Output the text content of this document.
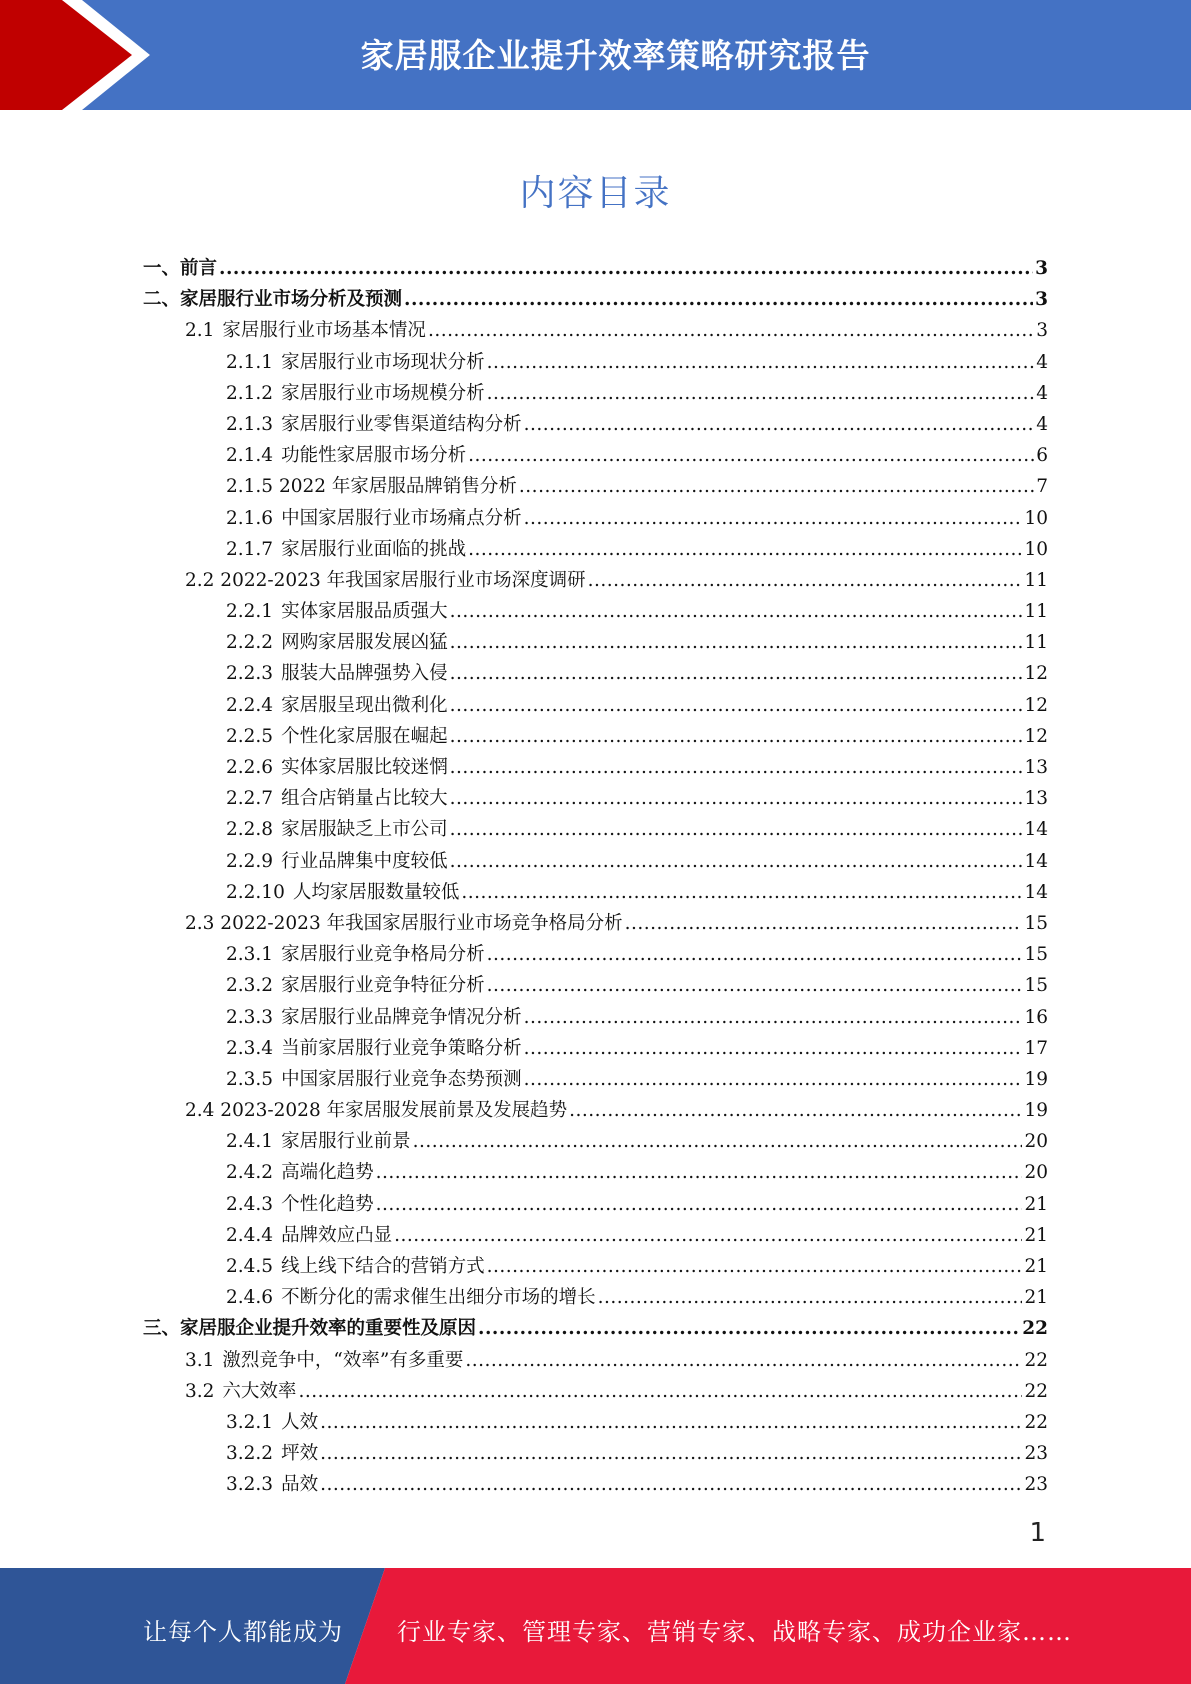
家居服企业提升效率策略研究报告
内容目录
一、前言 .....	3
二、家居服行业市场分析及预测 .....	3
2.1 家居服行业市场基本情况 .....	3
2.1.1 家居服行业市场现状分析 .....	4
2.1.2 家居服行业市场规模分析 .....	4
2.1.3 家居服行业零售渠道结构分析 .....	4
2.1.4 功能性家居服市场分析 .....	6
2.1.5 2022 年家居服品牌销售分析 .....	7
2.1.6 中国家居服行业市场痛点分析 .....	10
2.1.7 家居服行业面临的挑战 .....	10
2.2 2022-2023 年我国家居服行业市场深度调研 .....	11
2.2.1 实体家居服品质强大 .....	11
2.2.2 网购家居服发展凶猛 .....	11
2.2.3 服装大品牌强势入侵 .....	12
2.2.4 家居服呈现出微利化 .....	12
2.2.5 个性化家居服在崛起 .....	12
2.2.6 实体家居服比较迷惘 .....	13
2.2.7 组合店销量占比较大 .....	13
2.2.8 家居服缺乏上市公司 .....	14
2.2.9 行业品牌集中度较低 .....	14
2.2.10 人均家居服数量较低 .....	14
2.3 2022-2023 年我国家居服行业市场竞争格局分析 .....	15
2.3.1 家居服行业竞争格局分析 .....	15
2.3.2 家居服行业竞争特征分析 .....	15
2.3.3 家居服行业品牌竞争情况分析 .....	16
2.3.4 当前家居服行业竞争策略分析 .....	17
2.3.5 中国家居服行业竞争态势预测 .....	19
2.4 2023-2028 年家居服发展前景及发展趋势 .....	19
2.4.1 家居服行业前景 .....	20
2.4.2 高端化趋势 .....	20
2.4.3 个性化趋势 .....	21
2.4.4 品牌效应凸显 .....	21
2.4.5 线上线下结合的营销方式 .....	21
2.4.6 不断分化的需求催生出细分市场的增长 .....	21
三、家居服企业提升效率的重要性及原因 .....	22
3.1 激烈竞争中，“效率”有多重要 .....	22
3.2 六大效率 .....	22
3.2.1 人效 .....	22
3.2.2 坪效 .....	23
3.2.3 品效 .....	23
1
让每个人都能成为 行业专家、管理专家、营销专家、战略专家、成功企业家……
